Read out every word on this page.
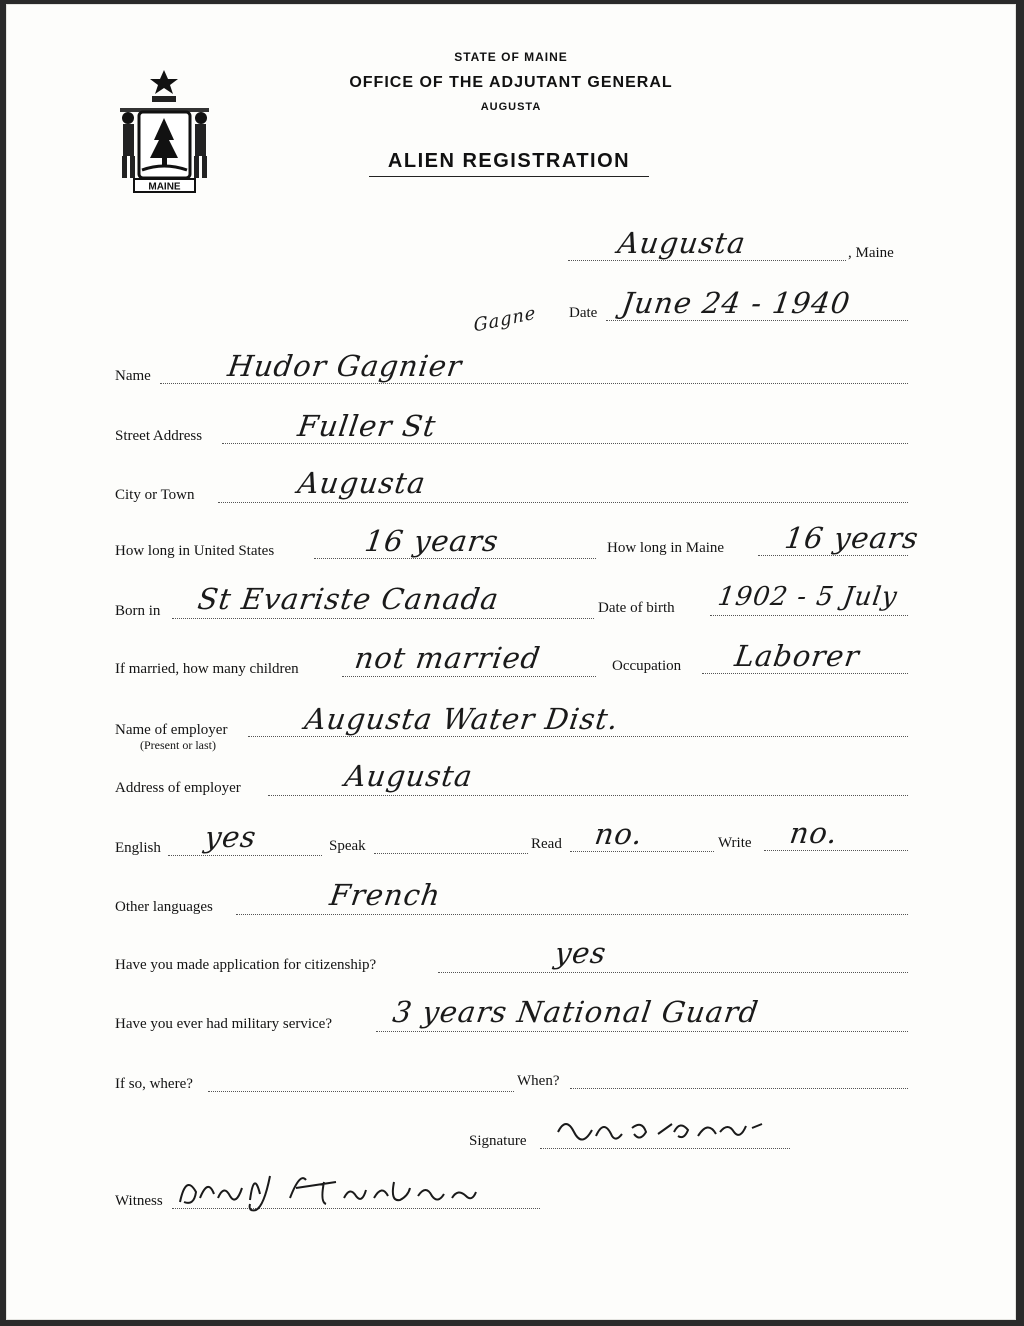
MAINE
DIRIGO
STATE OF MAINE
OFFICE OF THE ADJUTANT GENERAL
AUGUSTA
ALIEN REGISTRATION
Augusta	, Maine
Gagne Date June 24 - 1940
Name	Hudor Gagnier
Street Address	Fuller St
City or Town	Augusta
How long in United States	16 years	How long in Maine 16 years
Born in St Evariste Canada	Date of birth 1902 - 5 July
If married, how many children not married	Occupation Laborer
Name of employer
(Present or last)
Augusta Water Dist.
Address of employer	Augusta
English yes	Speak	Read no.	Write no.
Other languages	French
Have you made application for citizenship?	yes
Have you ever had military service? 3 years National Guard
If so, where?	When?
Signature
Witness
